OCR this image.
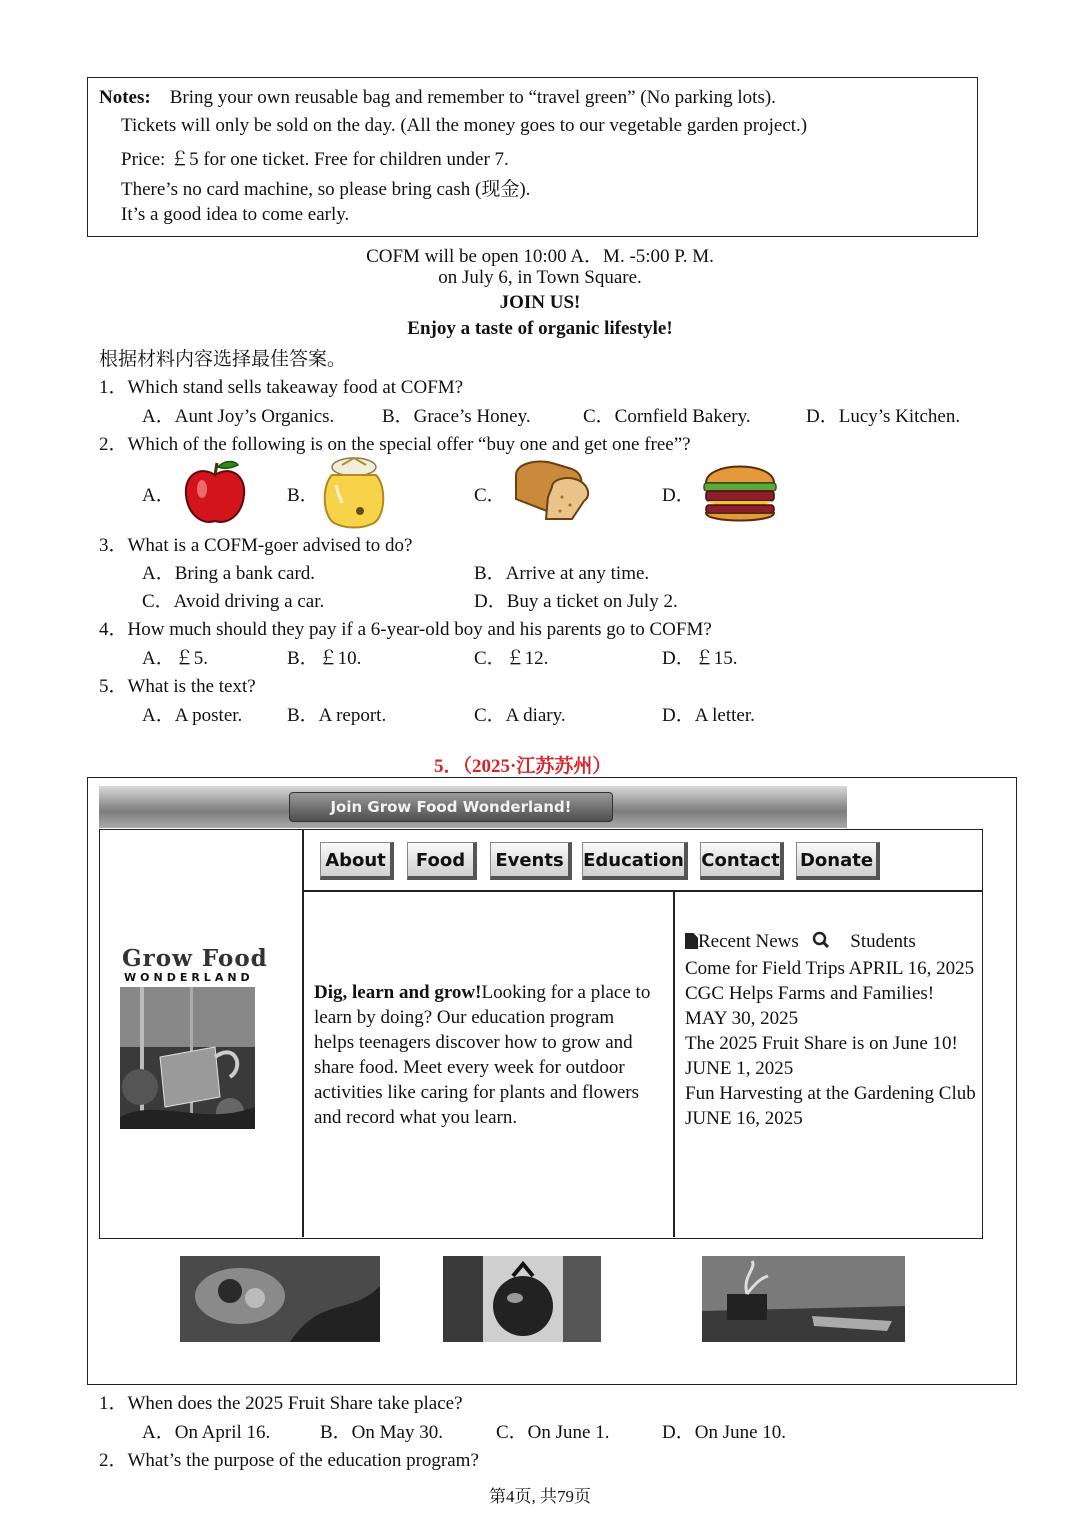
Notes: Bring your own reusable bag and remember to “travel green” (No parking lots).
Tickets will only be sold on the day. (All the money goes to our vegetable garden project.)
Price: ￡5 for one ticket. Free for children under 7.
There’s no card machine, so please bring cash (现金).
It’s a good idea to come early.
COFM will be open 10:00 A．M. -5:00 P. M.
on July 6, in Town Square.
JOIN US!
Enjoy a taste of organic lifestyle!
根据材料内容选择最佳答案。
1．Which stand sells takeaway food at COFM?
A．Aunt Joy’s Organics.	B．Grace’s Honey.	C．Cornfield Bakery.	D．Lucy’s Kitchen.
2．Which of the following is on the special offer “buy one and get one free”?
A．	B．	C．	D．
3．What is a COFM-goer advised to do?
A．Bring a bank card.	B．Arrive at any time.
C．Avoid driving a car.	D．Buy a ticket on July 2.
4．How much should they pay if a 6-year-old boy and his parents go to COFM?
A．￡5.	B．￡10.	C．￡12.	D．￡15.
5．What is the text?
A．A poster. B．A report.	C．A diary.	D．A letter.
5．（2025·江苏苏州）
Join Grow Food Wonderland!
About	Food	Events	Education Contact Donate
Grow Food
WONDERLAND
Dig, learn and grow!Looking for a place to learn by doing? Our education program helps teenagers discover how to grow and share food. Meet every week for outdoor activities like caring for plants and flowers and record what you learn.
Recent News	Students
Come for Field Trips APRIL 16, 2025
CGC Helps Farms and Families! MAY 30, 2025
The 2025 Fruit Share is on June 10!
JUNE 1, 2025
Fun Harvesting at the Gardening Club
JUNE 16, 2025
1．When does the 2025 Fruit Share take place?
A．On April 16.	B．On May 30.	C．On June 1.	D．On June 10.
2．What’s the purpose of the education program?
第4页, 共79页
